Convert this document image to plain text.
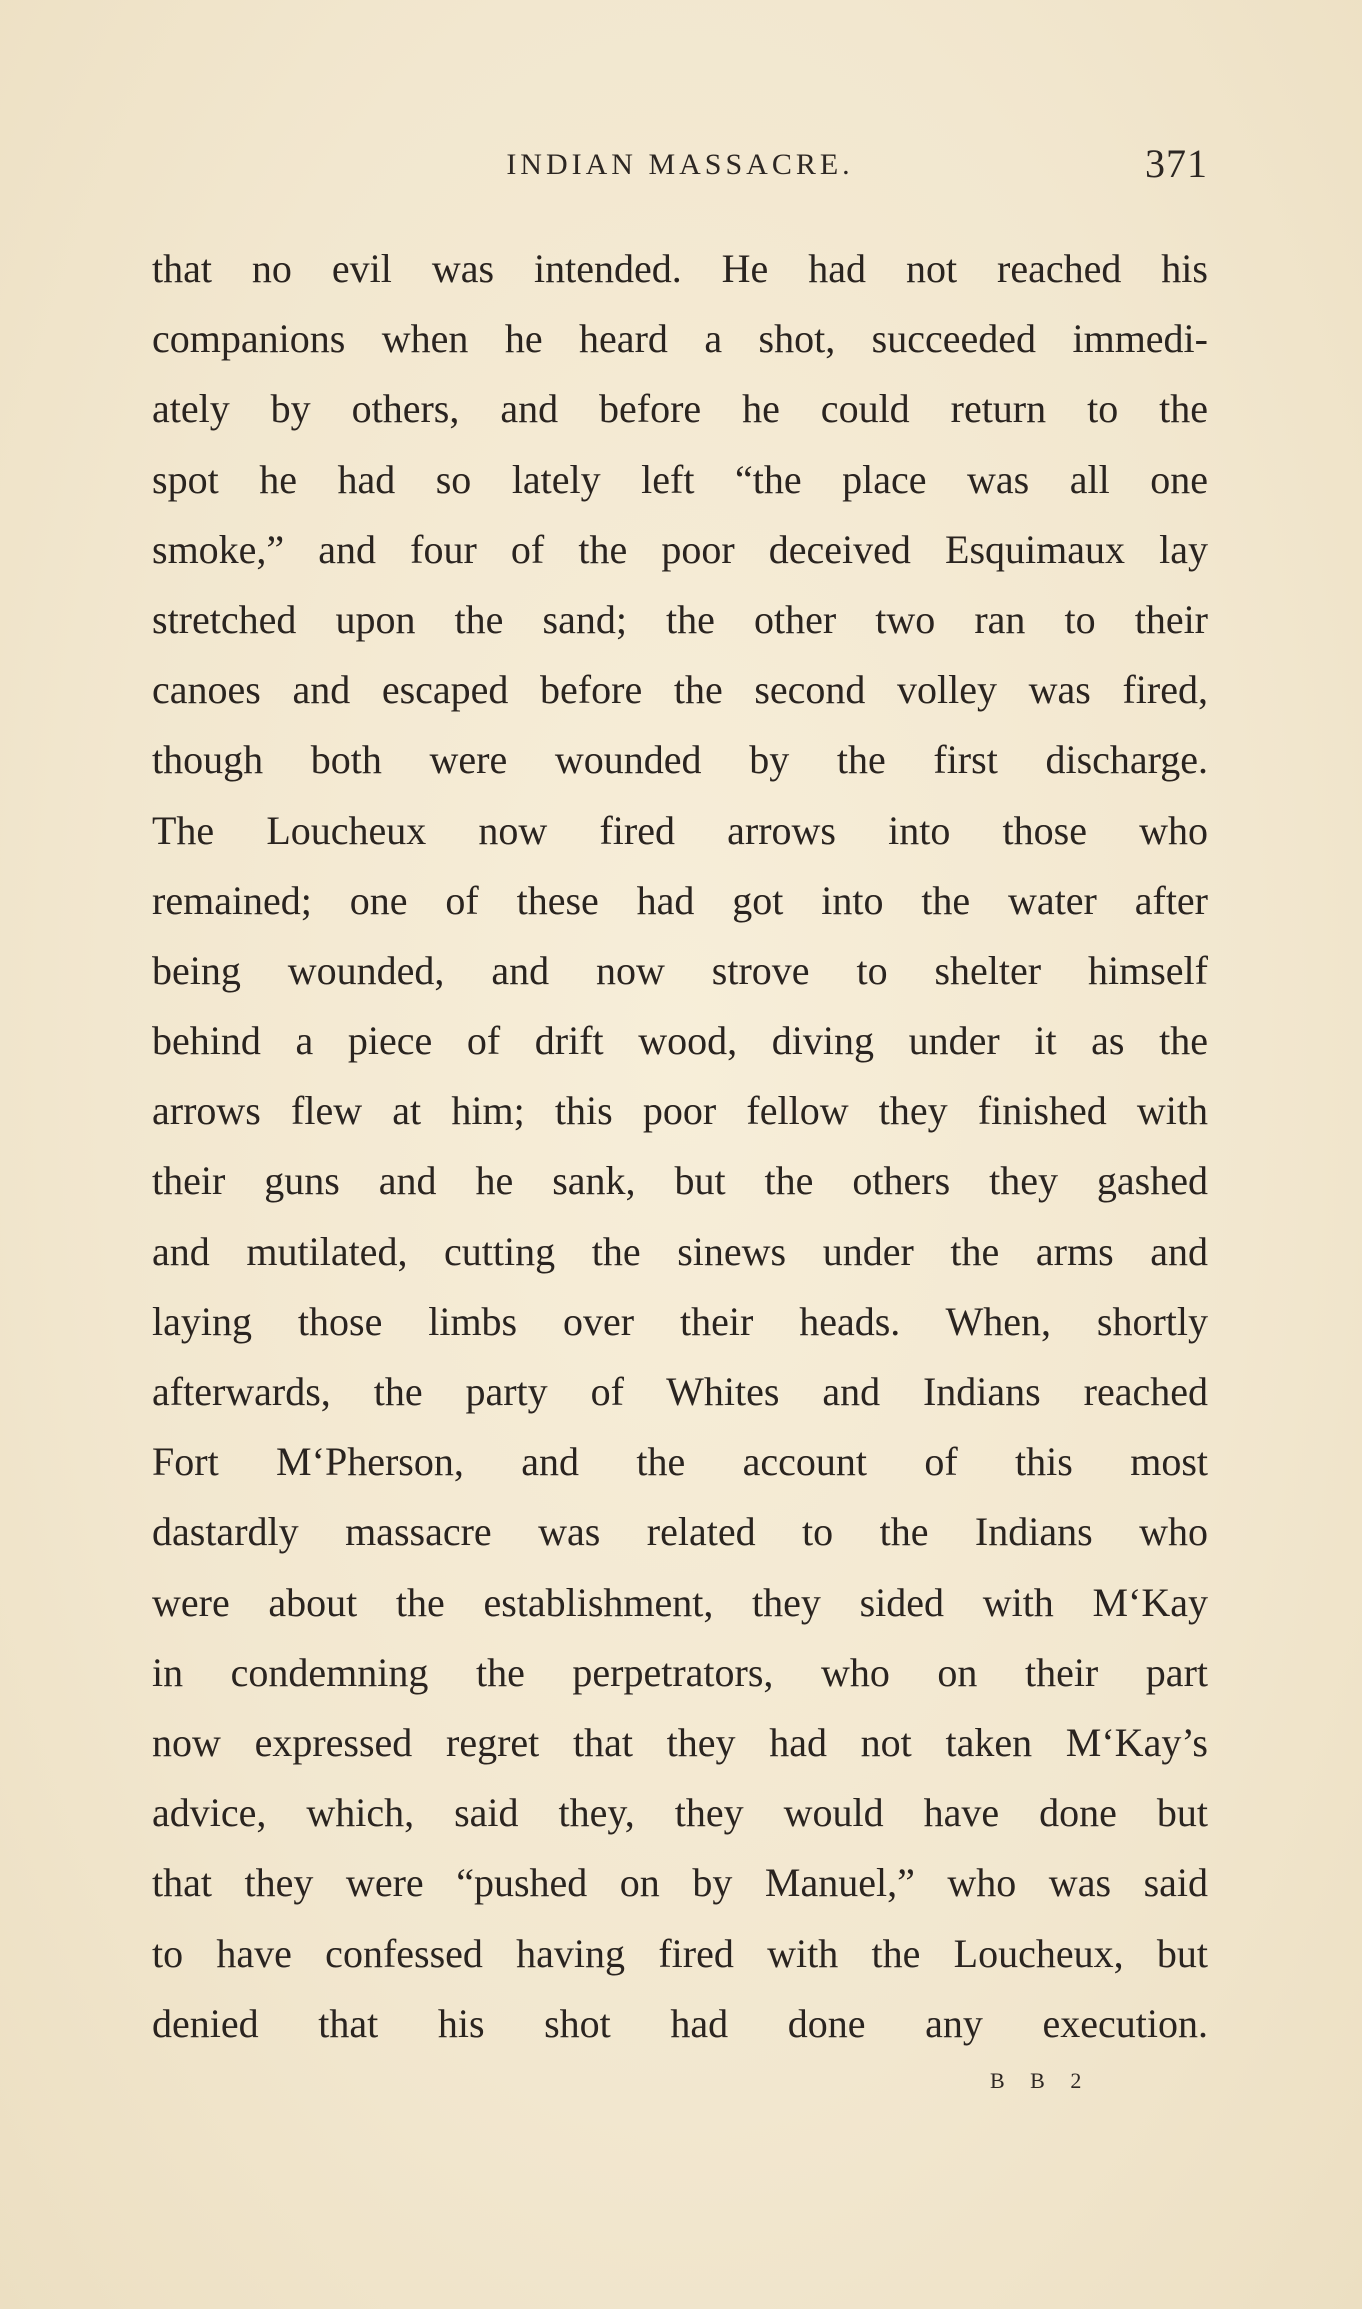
INDIAN MASSACRE.	371
that no evil was intended. He had not reached his
companions when he heard a shot, succeeded immedi-
ately by others, and before he could return to the
spot he had so lately left “the place was all one
smoke,” and four of the poor deceived Esquimaux lay
stretched upon the sand; the other two ran to their
canoes and escaped before the second volley was fired,
though both were wounded by the first discharge.
The Loucheux now fired arrows into those who
remained; one of these had got into the water after
being wounded, and now strove to shelter himself
behind a piece of drift wood, diving under it as the
arrows flew at him; this poor fellow they finished with
their guns and he sank, but the others they gashed
and mutilated, cutting the sinews under the arms and
laying those limbs over their heads. When, shortly
afterwards, the party of Whites and Indians reached
Fort M‘Pherson, and the account of this most
dastardly massacre was related to the Indians who
were about the establishment, they sided with M‘Kay
in condemning the perpetrators, who on their part
now expressed regret that they had not taken M‘Kay’s
advice, which, said they, they would have done but
that they were “pushed on by Manuel,” who was said
to have confessed having fired with the Loucheux, but
denied that his shot had done any execution.
B B 2
